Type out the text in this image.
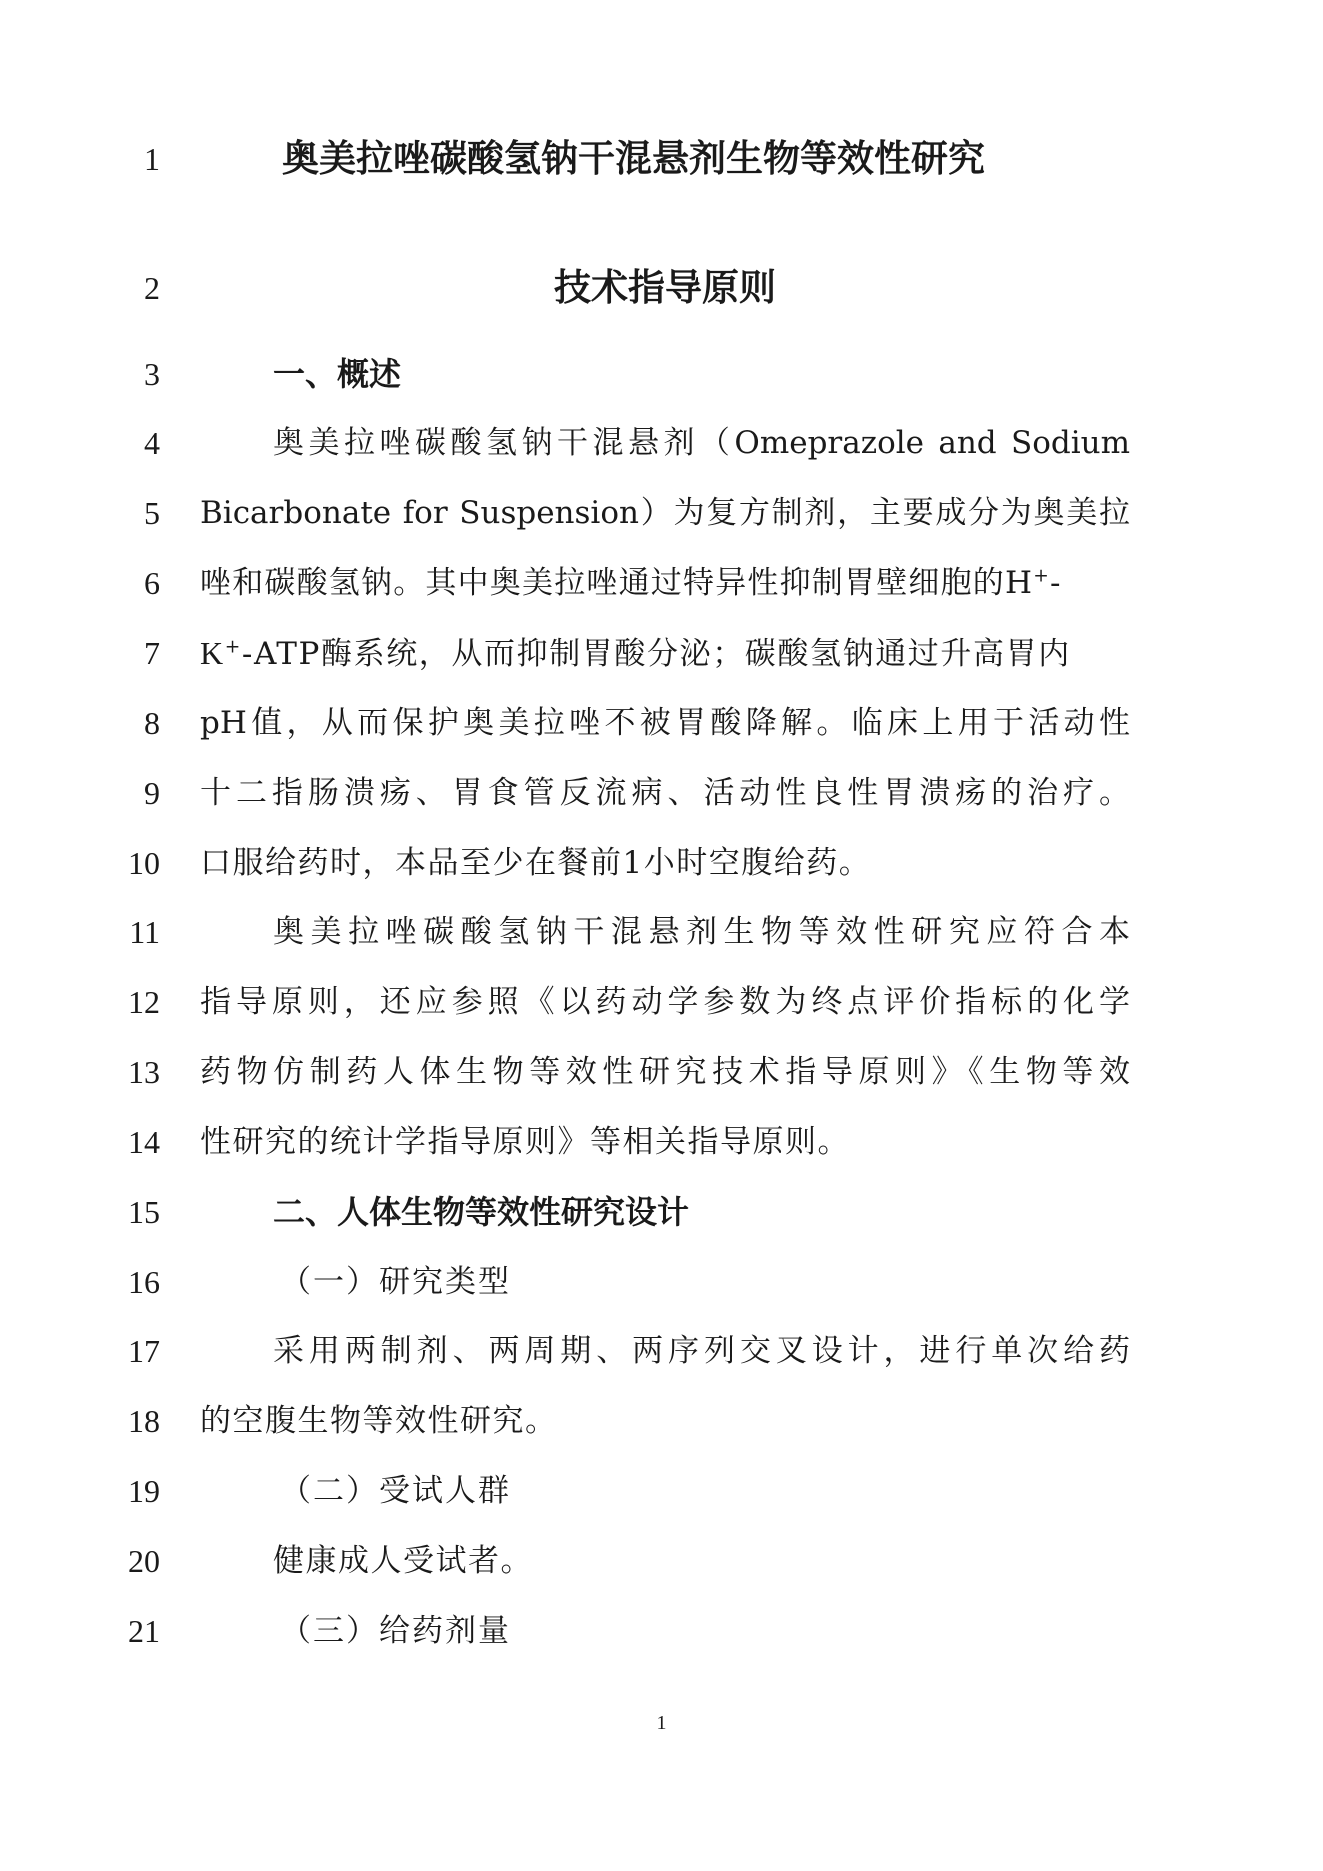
1	奥美拉唑碳酸氢钠干混悬剂生物等效性研究
2	技术指导原则
3	一、概述
4	奥美拉唑碳酸氢钠干混悬剂（Omeprazole and Sodium
5 Bicarbonate for Suspension）为复方制剂，主要成分为奥美拉
6 唑和碳酸氢钠。其中奥美拉唑通过特异性抑制胃壁细胞的H+-
7 K+-ATP酶系统，从而抑制胃酸分泌；碳酸氢钠通过升高胃内
8 pH值，从而保护奥美拉唑不被胃酸降解。临床上用于活动性
9 十二指肠溃疡、胃食管反流病、活动性良性胃溃疡的治疗。
10 口服给药时，本品至少在餐前1小时空腹给药。
11	奥美拉唑碳酸氢钠干混悬剂生物等效性研究应符合本
12 指导原则，还应参照《以药动学参数为终点评价指标的化学
13 药物仿制药人体生物等效性研究技术指导原则》《生物等效
14 性研究的统计学指导原则》等相关指导原则。
15	二、人体生物等效性研究设计
16	（一）研究类型
17	采用两制剂、两周期、两序列交叉设计，进行单次给药
18 的空腹生物等效性研究。
19	（二）受试人群
20	健康成人受试者。
21	（三）给药剂量
1
